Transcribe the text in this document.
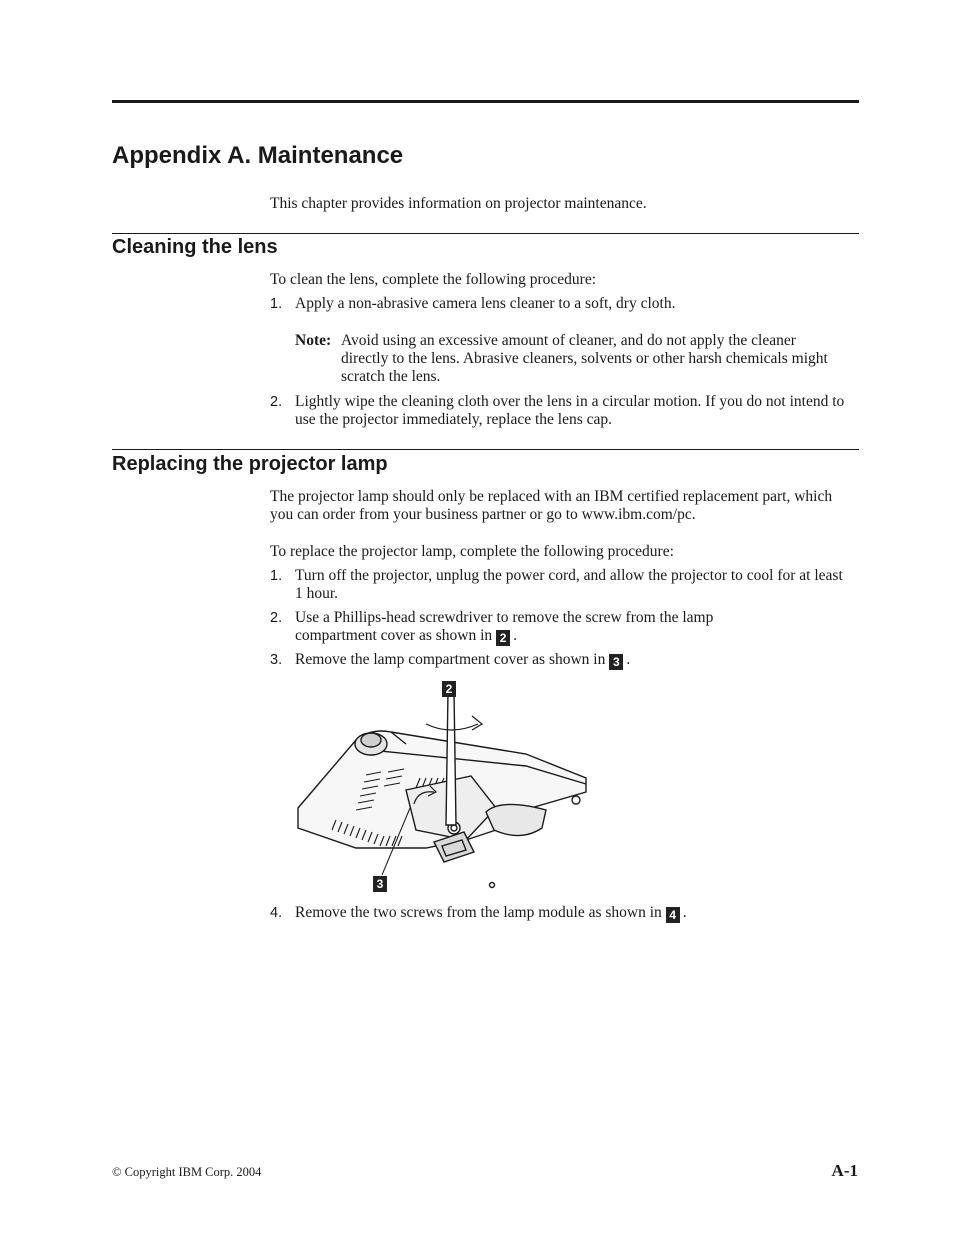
Appendix A. Maintenance
This chapter provides information on projector maintenance.
Cleaning the lens
To clean the lens, complete the following procedure:
1. Apply a non-abrasive camera lens cleaner to a soft, dry cloth.
Note: Avoid using an excessive amount of cleaner, and do not apply the cleaner directly to the lens. Abrasive cleaners, solvents or other harsh chemicals might scratch the lens.
2. Lightly wipe the cleaning cloth over the lens in a circular motion. If you do not intend to use the projector immediately, replace the lens cap.
Replacing the projector lamp
The projector lamp should only be replaced with an IBM certified replacement part, which you can order from your business partner or go to www.ibm.com/pc.
To replace the projector lamp, complete the following procedure:
1. Turn off the projector, unplug the power cord, and allow the projector to cool for at least 1 hour.
2. Use a Phillips-head screwdriver to remove the screw from the lamp compartment cover as shown in 2 .
3. Remove the lamp compartment cover as shown in 3 .
2
3
4. Remove the two screws from the lamp module as shown in 4 .
© Copyright IBM Corp. 2004	A-1
